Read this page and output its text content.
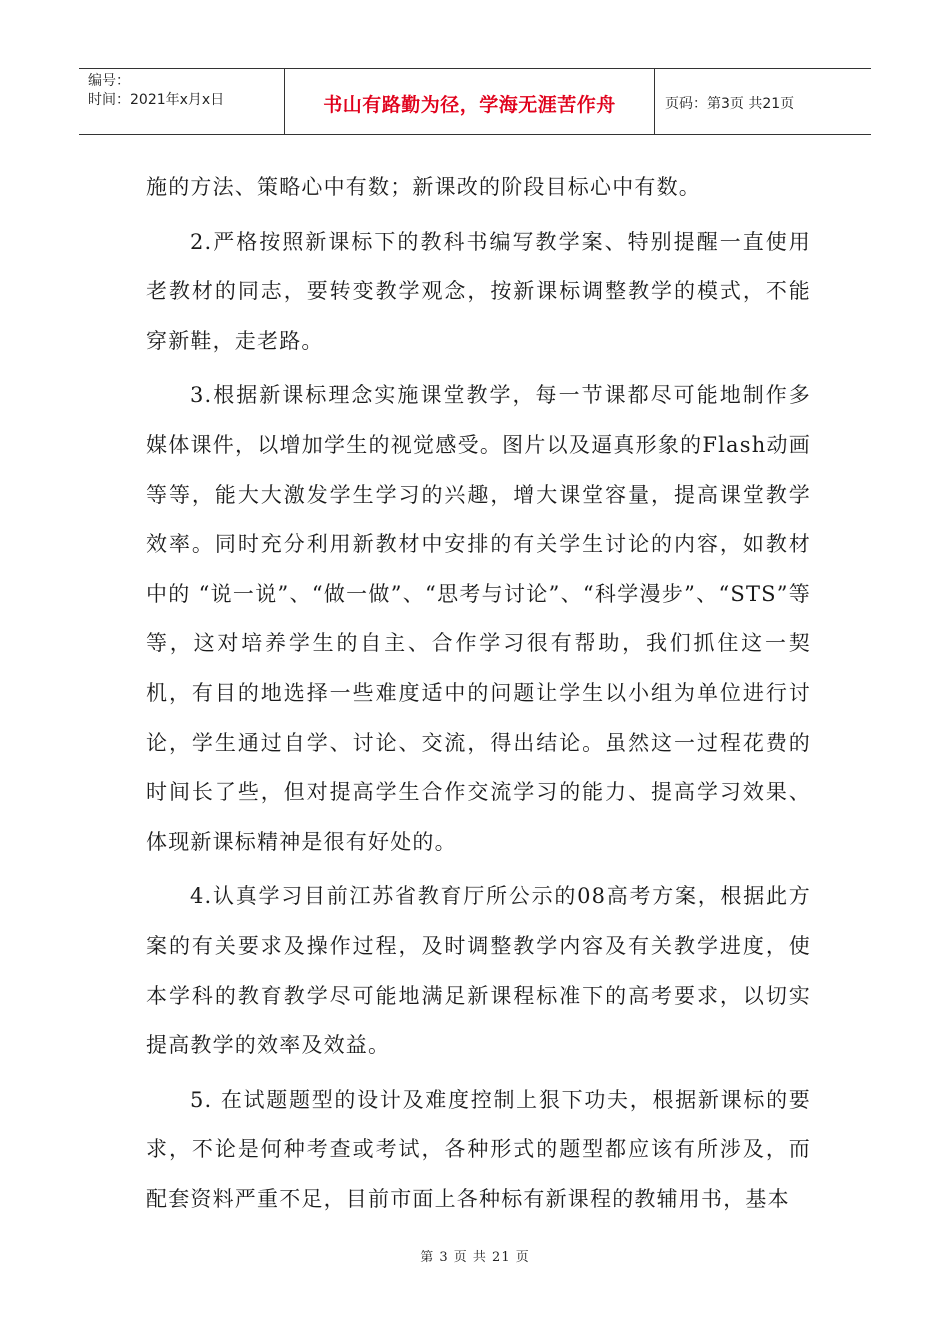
编号：
时间：2021年x月x日	书山有路勤为径，学海无涯苦作舟	页码：第3页 共21页

施的方法、策略心中有数；新课改的阶段目标心中有数。

2.严格按照新课标下的教科书编写教学案、特别提醒一直使用老教材的同志，要转变教学观念，按新课标调整教学的模式，不能穿新鞋，走老路。

3.根据新课标理念实施课堂教学，每一节课都尽可能地制作多媒体课件，以增加学生的视觉感受。图片以及逼真形象的Flash动画等等，能大大激发学生学习的兴趣，增大课堂容量，提高课堂教学效率。同时充分利用新教材中安排的有关学生讨论的内容，如教材中的 “说一说”、“做一做”、“思考与讨论”、“科学漫步”、“STS”等等，这对培养学生的自主、合作学习很有帮助，我们抓住这一契机，有目的地选择一些难度适中的问题让学生以小组为单位进行讨论，学生通过自学、讨论、交流，得出结论。虽然这一过程花费的时间长了些，但对提高学生合作交流学习的能力、提高学习效果、体现新课标精神是很有好处的。

4.认真学习目前江苏省教育厅所公示的08高考方案，根据此方案的有关要求及操作过程，及时调整教学内容及有关教学进度，使本学科的教育教学尽可能地满足新课程标准下的高考要求，以切实提高教学的效率及效益。

5. 在试题题型的设计及难度控制上狠下功夫，根据新课标的要求，不论是何种考查或考试，各种形式的题型都应该有所涉及，而配套资料严重不足，目前市面上各种标有新课程的教辅用书，基本

第 3 页 共 21 页
